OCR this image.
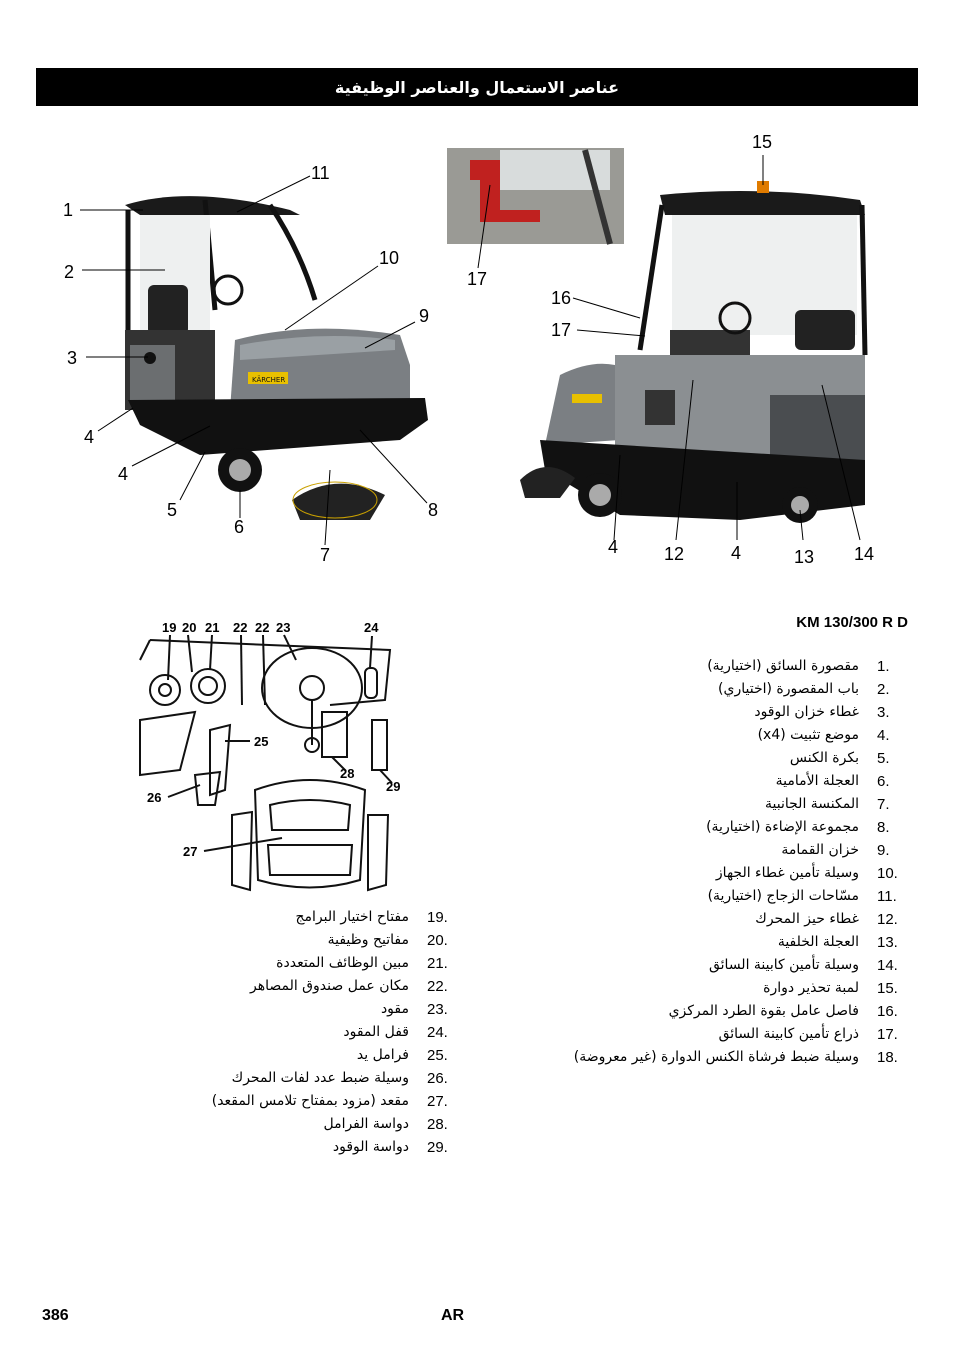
عناصر الاستعمال والعناصر الوظيفية
KÄRCHER
1
2
3
4
4
5
6
7
8
9
10
11
15
17
16
17
4	12	4	13 14
19 20 21 22 22 23	24
25
26
27
28
29
KM 130/300 R D
1.
مقصورة السائق (اختيارية)
2.
باب المقصورة (اختياري)
3.
غطاء خزان الوقود
4.
موضع تثبيت (x4)
5.
بكرة الكنس
6.
العجلة الأمامية
7.
المكنسة الجانبية
8.
مجموعة الإضاءة (اختيارية)
9.
خزان القمامة
10.
وسيلة تأمين غطاء الجهاز
11.
مسّاحات الزجاج (اختيارية)
12.
غطاء حيز المحرك
13.
العجلة الخلفية
14.
وسيلة تأمين كابينة السائق
15.
لمبة تحذير دوارة
16.
فاصل عامل بقوة الطرد المركزي
17.
ذراع تأمين كابينة السائق
18.
وسيلة ضبط فرشاة الكنس الدوارة (غير معروضة)
19.
مفتاح اختيار البرامج
20.
مفاتيح وظيفية
21.
مبين الوظائف المتعددة
22.
مكان عمل صندوق المصاهر
23.
مقود
24.
قفل المقود
25.
فرامل يد
26.
وسيلة ضبط عدد لفات المحرك
27.
مقعد (مزود بمفتاح تلامس المقعد)
28.
دواسة الفرامل
29.
دواسة الوقود
386	AR
